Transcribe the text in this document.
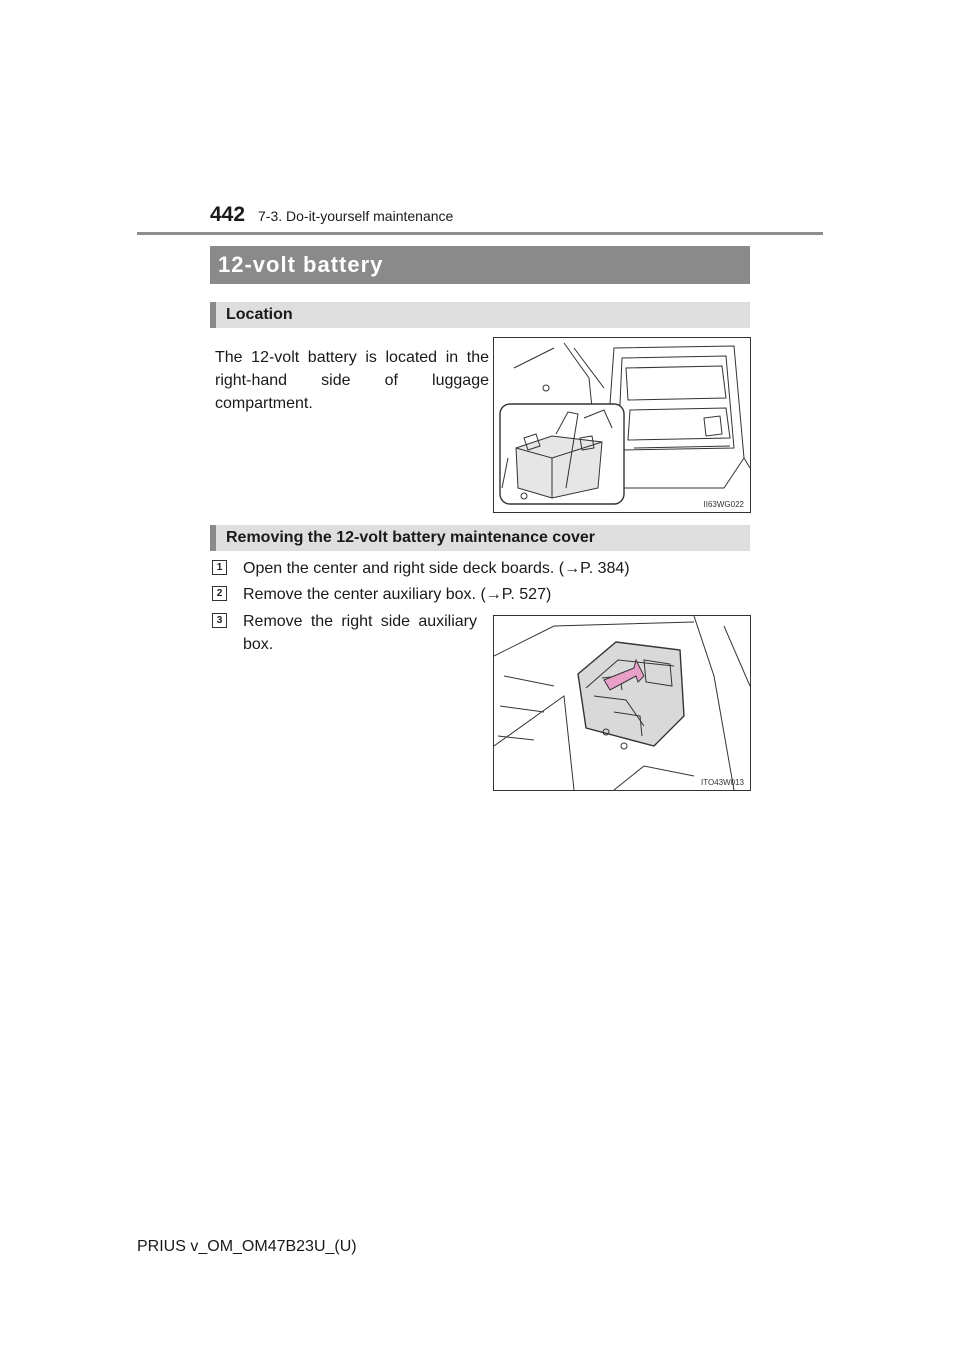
442 7-3. Do-it-yourself maintenance
12-volt battery
Location
The 12-volt battery is located in the right-hand side of luggage compartment.
II63WG022
Removing the 12-volt battery maintenance cover
1 Open the center and right side deck boards. (→P. 384)
2 Remove the center auxiliary box. (→P. 527)
3 Remove the right side auxiliary box.
ITO43W013
PRIUS v_OM_OM47B23U_(U)
